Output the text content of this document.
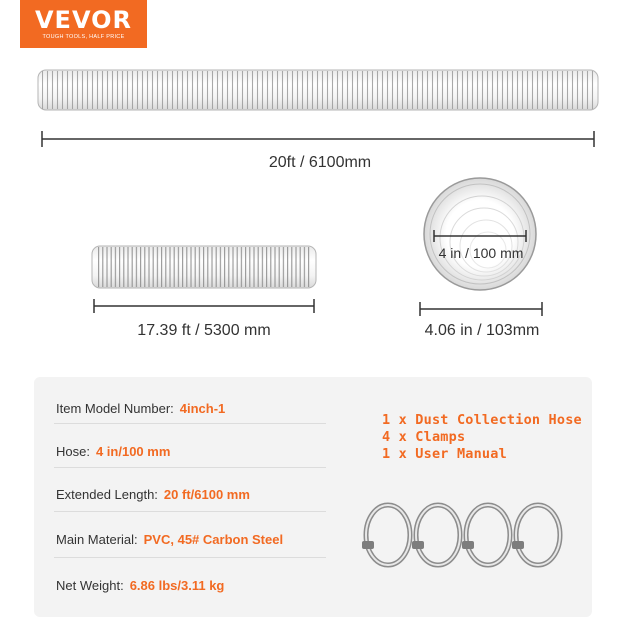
VEVOR
TOUGH TOOLS, HALF PRICE
20ft / 6100mm
17.39 ft / 5300 mm
4 in / 100 mm
4.06 in / 103mm
Item Model Number: 4inch-1
Hose: 4 in/100 mm
Extended Length: 20 ft/6100 mm
Main Material: PVC, 45# Carbon Steel
Net Weight: 6.86 lbs/3.11 kg
1 x Dust Collection Hose
4 x Clamps
1 x User Manual
